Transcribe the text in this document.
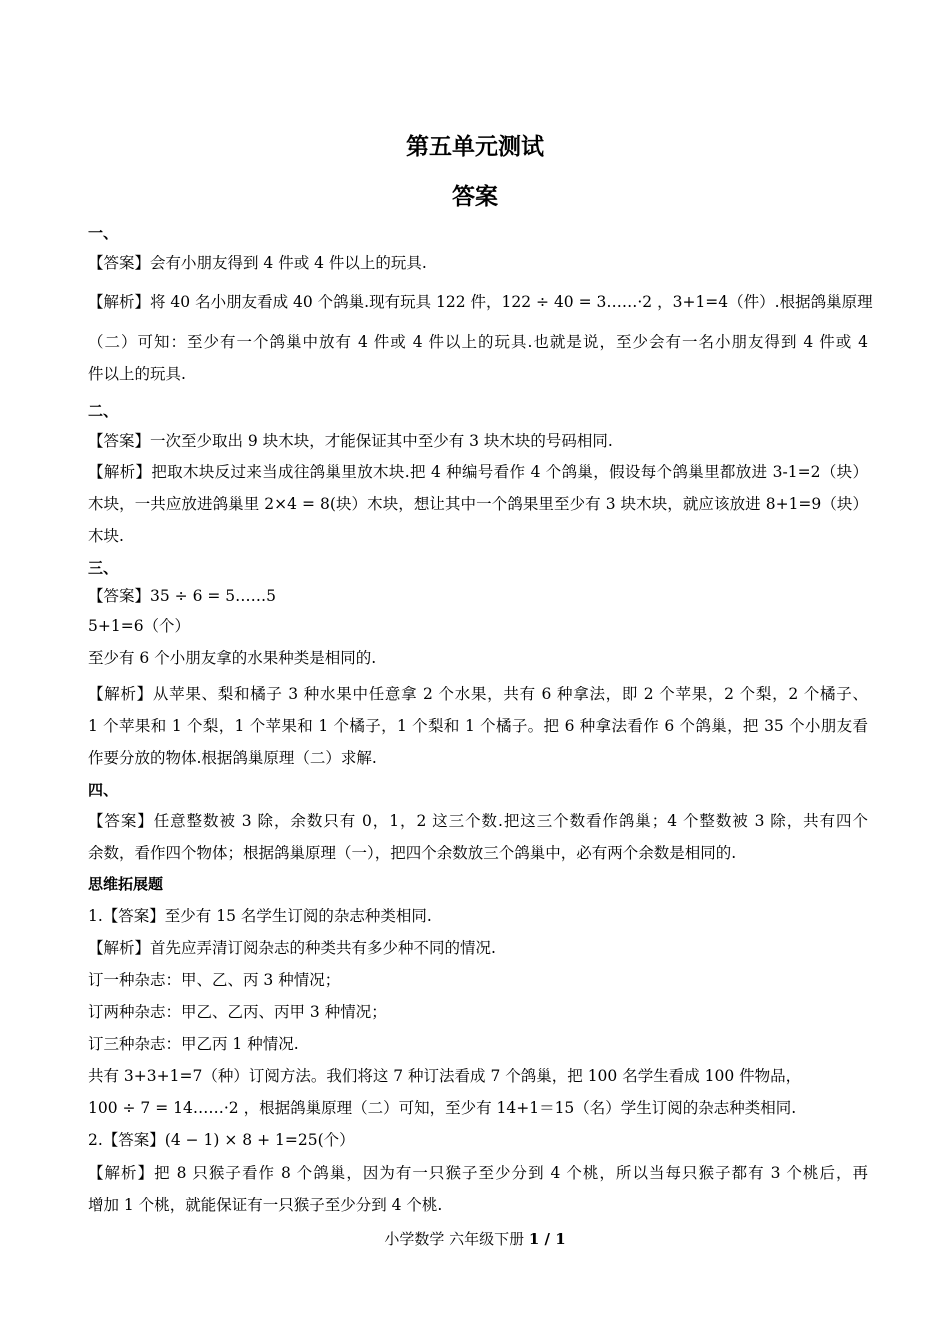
第五单元测试
答案
一、
【答案】会有小朋友得到 4 件或 4 件以上的玩具.
【解析】将 40 名小朋友看成 40 个鸽巢.现有玩具 122 件，122 ÷ 40 = 3……·2 ，3+1=4（件）.根据鸽巢原理
（二）可知：至少有一个鸽巢中放有 4 件或 4 件以上的玩具.也就是说，至少会有一名小朋友得到 4 件或 4
件以上的玩具.
二、
【答案】一次至少取出 9 块木块，才能保证其中至少有 3 块木块的号码相同.
【解析】把取木块反过来当成往鸽巢里放木块.把 4 种编号看作 4 个鸽巢，假设每个鸽巢里都放进 3-1=2（块）
木块，一共应放进鸽巢里 2×4 = 8(块）木块，想让其中一个鸽果里至少有 3 块木块，就应该放进 8+1=9（块）
木块.
三、
【答案】35 ÷ 6 = 5……5
5+1=6（个）
至少有 6 个小朋友拿的水果种类是相同的.
【解析】从苹果、梨和橘子 3 种水果中任意拿 2 个水果，共有 6 种拿法，即 2 个苹果，2 个梨，2 个橘子、
1 个苹果和 1 个梨，1 个苹果和 1 个橘子，1 个梨和 1 个橘子。把 6 种拿法看作 6 个鸽巢，把 35 个小朋友看
作要分放的物体.根据鸽巢原理（二）求解.
四、
【答案】任意整数被 3 除，余数只有 0，1，2 这三个数.把这三个数看作鸽巢；4 个整数被 3 除，共有四个
余数，看作四个物体；根据鸽巢原理（一），把四个余数放三个鸽巢中，必有两个余数是相同的.
思维拓展题
1.【答案】至少有 15 名学生订阅的杂志种类相同.
【解析】首先应弄清订阅杂志的种类共有多少种不同的情况.
订一种杂志：甲、乙、丙 3 种情况；
订两种杂志：甲乙、乙丙、丙甲 3 种情况；
订三种杂志：甲乙丙 1 种情况.
共有 3+3+1=7（种）订阅方法。我们将这 7 种订法看成 7 个鸽巢，把 100 名学生看成 100 件物品，
100 ÷ 7 = 14……·2 ，根据鸽巢原理（二）可知，至少有 14+1＝15（名）学生订阅的杂志种类相同.
2.【答案】(4 − 1) × 8 + 1=25(个）
【解析】把 8 只猴子看作 8 个鸽巢，因为有一只猴子至少分到 4 个桃，所以当每只猴子都有 3 个桃后，再
增加 1 个桃，就能保证有一只猴子至少分到 4 个桃.
小学数学 六年级下册 1 / 1
